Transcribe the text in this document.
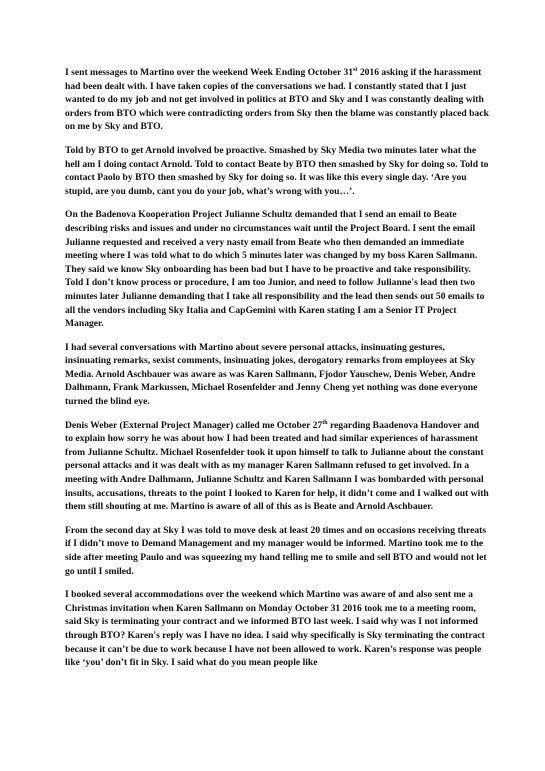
I sent messages to Martino over the weekend Week Ending October 31st 2016 asking if the harassment had been dealt with. I have taken copies of the conversations we had. I constantly stated that I just wanted to do my job and not get involved in politics at BTO and Sky and I was constantly dealing with orders from BTO which were contradicting orders from Sky then the blame was constantly placed back on me by Sky and BTO.

Told by BTO to get Arnold involved be proactive. Smashed by Sky Media two minutes later what the hell am I doing contact Arnold. Told to contact Beate by BTO then smashed by Sky for doing so. Told to contact Paolo by BTO then smashed by Sky for doing so. It was like this every single day. ‘Are you stupid, are you dumb, cant you do your job, what’s wrong with you…’.

On the Badenova Kooperation Project Julianne Schultz demanded that I send an email to Beate describing risks and issues and under no circumstances wait until the Project Board. I sent the email Julianne requested and received a very nasty email from Beate who then demanded an immediate meeting where I was told what to do which 5 minutes later was changed by my boss Karen Sallmann. They said we know Sky onboarding has been bad but I have to be proactive and take responsibility. Told I don’t know process or procedure, I am too Junior, and need to follow Julianne's lead then two minutes later Julianne demanding that I take all responsibility and the lead then sends out 50 emails to all the vendors including Sky Italia and CapGemini with Karen stating I am a Senior IT Project Manager.

I had several conversations with Martino about severe personal attacks, insinuating gestures, insinuating remarks, sexist comments, insinuating jokes, derogatory remarks from employees at Sky Media. Arnold Aschbauer was aware as was Karen Sallmann, Fjodor Yauschew, Denis Weber, Andre Dalhmann, Frank Markussen, Michael Rosenfelder and Jenny Cheng yet nothing was done everyone turned the blind eye.

Denis Weber (External Project Manager) called me October 27th regarding Baadenova Handover and to explain how sorry he was about how I had been treated and had similar experiences of harassment from Julianne Schultz. Michael Rosenfelder took it upon himself to talk to Julianne about the constant personal attacks and it was dealt with as my manager Karen Sallmann refused to get involved. In a meeting with Andre Dalhmann, Julianne Schultz and Karen Sallmann I was bombarded with personal insults, accusations, threats to the point I looked to Karen for help, it didn’t come and I walked out with them still shouting at me. Martino is aware of all of this as is Beate and Arnold Aschbauer.

From the second day at Sky I was told to move desk at least 20 times and on occasions receiving threats if I didn’t move to Demand Management and my manager would be informed. Martino took me to the side after meeting Paulo and was squeezing my hand telling me to smile and sell BTO and would not let go until I smiled.

I booked several accommodations over the weekend which Martino was aware of and also sent me a Christmas invitation when Karen Sallmann on Monday October 31 2016 took me to a meeting room, said Sky is terminating your contract and we informed BTO last week. I said why was I not informed through BTO? Karen's reply was I have no idea. I said why specifically is Sky terminating the contract because it can’t be due to work because I have not been allowed to work. Karen’s response was people like ‘you’ don’t fit in Sky. I said what do you mean people like
